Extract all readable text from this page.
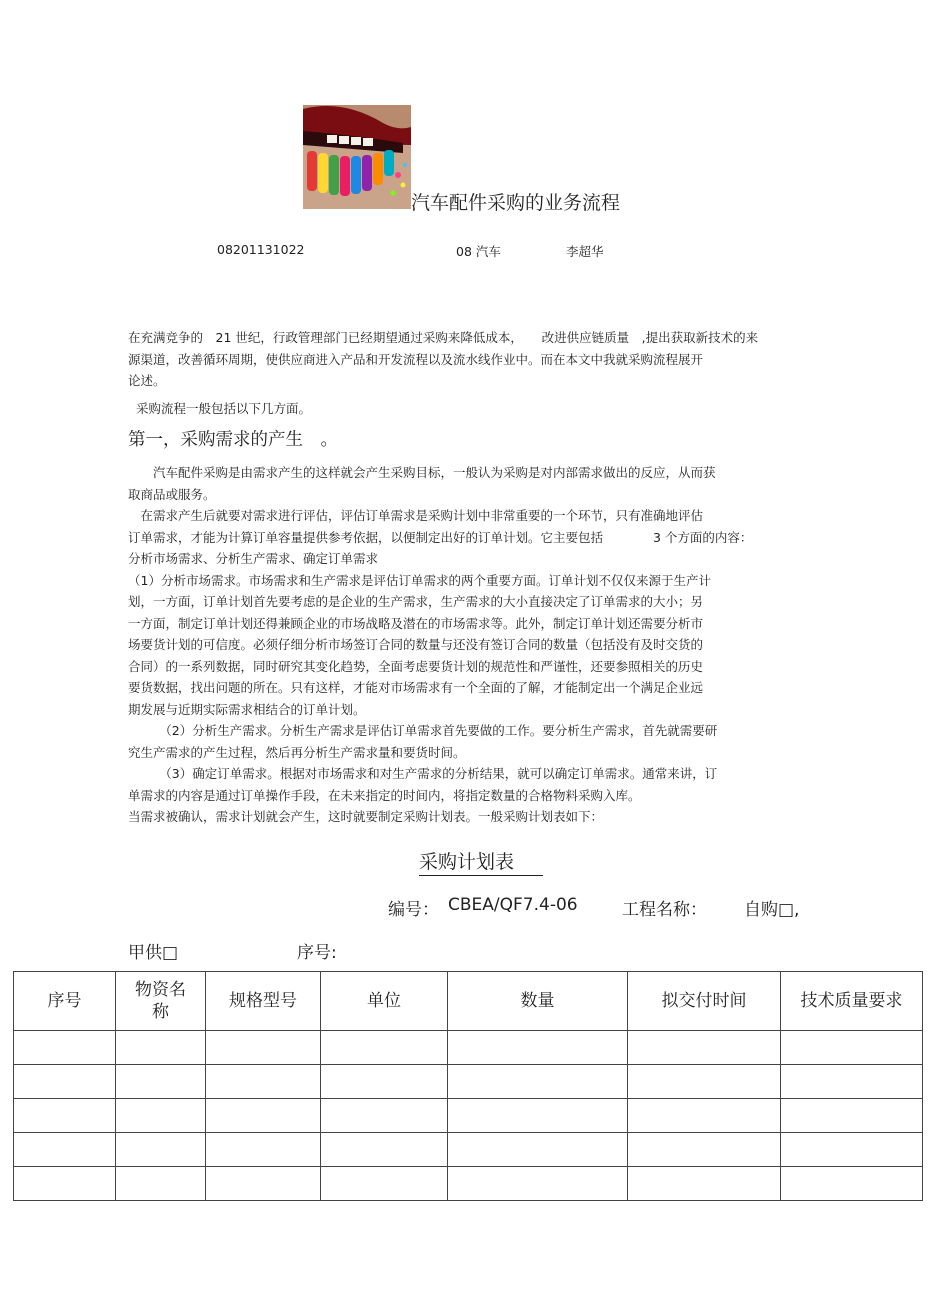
汽车配件采购的业务流程
08201131022	08 汽车	李超华

在充满竞争的　21 世纪，行政管理部门已经期望通过采购来降低成本，　　改进供应链质量　,提出获取新技术的来

源渠道，改善循环周期，使供应商进入产品和开发流程以及流水线作业中。而在本文中我就采购流程展开

论述。

采购流程一般包括以下几方面。

第一，采购需求的产生　。

　　汽车配件采购是由需求产生的这样就会产生采购目标，一般认为采购是对内部需求做出的反应，从而获

取商品或服务。

　在需求产生后就要对需求进行评估，评估订单需求是采购计划中非常重要的一个环节，只有准确地评估

订单需求，才能为计算订单容量提供参考依据，以便制定出好的订单计划。它主要包括　　　　3 个方面的内容：

分析市场需求、分析生产需求、确定订单需求

（1）分析市场需求。市场需求和生产需求是评估订单需求的两个重要方面。订单计划不仅仅来源于生产计

划，一方面，订单计划首先要考虑的是企业的生产需求，生产需求的大小直接决定了订单需求的大小；另

一方面，制定订单计划还得兼顾企业的市场战略及潜在的市场需求等。此外，制定订单计划还需要分析市

场要货计划的可信度。必须仔细分析市场签订合同的数量与还没有签订合同的数量（包括没有及时交货的

合同）的一系列数据，同时研究其变化趋势，全面考虑要货计划的规范性和严谨性，还要参照相关的历史

要货数据，找出问题的所在。只有这样，才能对市场需求有一个全面的了解，才能制定出一个满足企业远

期发展与近期实际需求相结合的订单计划。

　　　（2）分析生产需求。分析生产需求是评估订单需求首先要做的工作。要分析生产需求，首先就需要研

究生产需求的产生过程，然后再分析生产需求量和要货时间。

　　　（3）确定订单需求。根据对市场需求和对生产需求的分析结果，就可以确定订单需求。通常来讲，订

单需求的内容是通过订单操作手段，在未来指定的时间内，将指定数量的合格物料采购入库。

当需求被确认，需求计划就会产生，这时就要制定采购计划表。一般采购计划表如下：

采购计划表
编号： CBEA/QF7.4-06	工程名称： 自购□,
甲供□	序号:
序号	物资名称	规格型号	单位	数量	拟交付时间	技术质量要求
